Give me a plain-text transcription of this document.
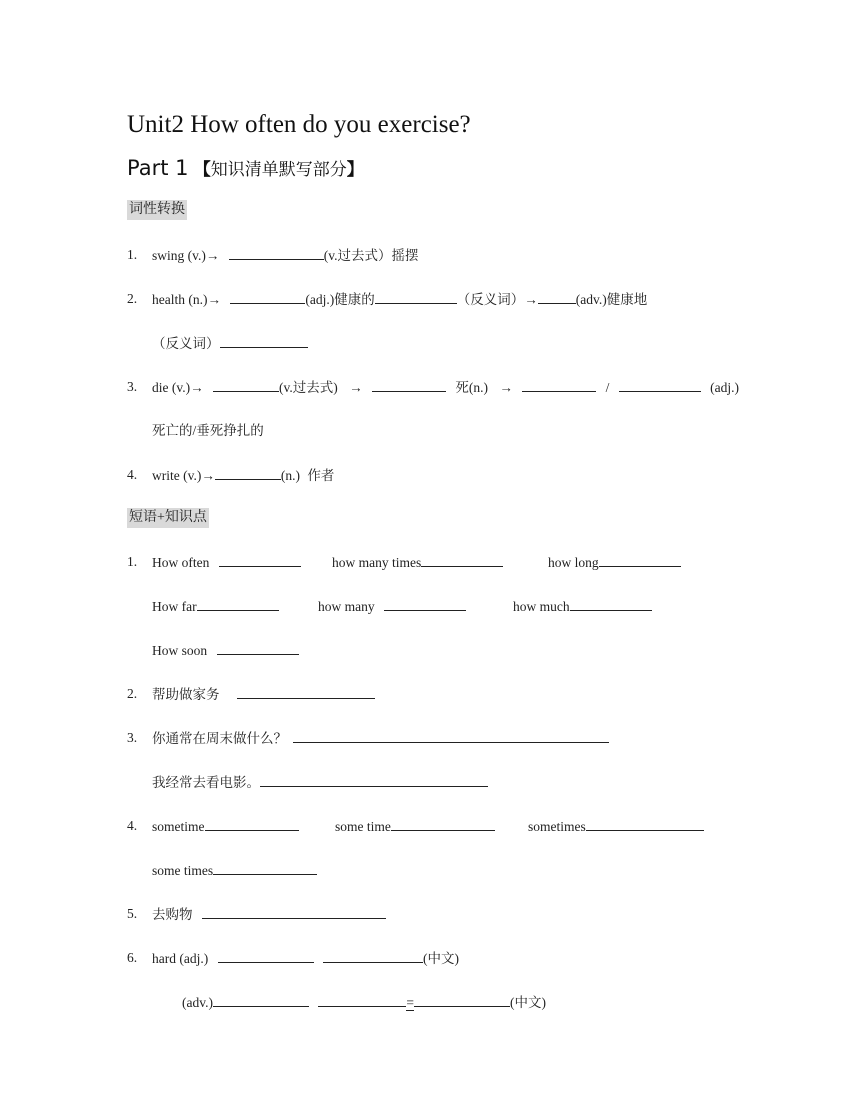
Unit2 How often do you exercise?
Part 1 【知识清单默写部分】
词性转换
1. swing (v.)→	(v.过去式）摇摆
2. health (n.)→	(adj.)健康的	（反义词）→	(adv.)健康地
（反义词）
3. die (v.)→	(v.过去式) →	死(n.) →	/	(adj.)
死亡的/垂死挣扎的
4. write (v.)→	(n.) 作者
短语+知识点
1. How often	how many times	how long
How far	how many	how much
How soon
2. 帮助做家务
3. 你通常在周末做什么？
我经常去看电影。
4. sometime	some time	sometimes
some times
5. 去购物
6. hard (adj.)	(中文)
(adv.)	=	(中文)
